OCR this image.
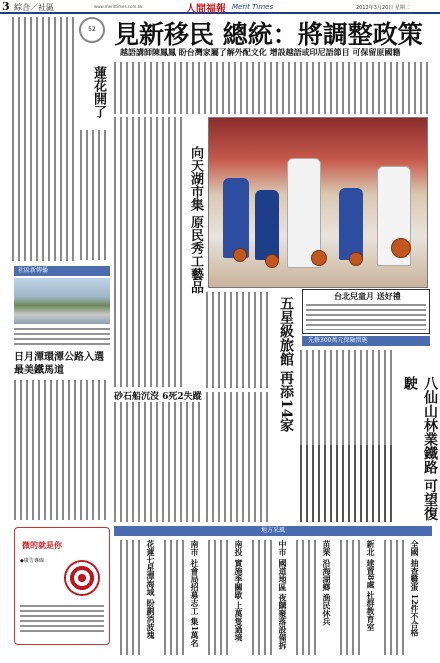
3 綜合／社區	www.merittimes.com.tw	人間福報 Merit Times	2012年3月20日 星期二
見新移民 總統：將調整政策
越語講師陳鳳鳳 盼台灣家屬了解外配文化 增設越語或印尼語節目 可保留原國籍
52
蓮花開了
社區新傳播
日月潭環潭公路入選最美鐵馬道
微的就是你
◆廣告專線
向天湖市集 原民秀工藝品
台北兒童月 送好禮
先修300萬元保險措施
砂石船沉沒 6死2失蹤	五星級旅館 再添14家
八仙山林業鐵路 可望復駛
地方采風
花蓮七星潭海域 盼劃消波塊	南市 社會局招募志工 集1萬名	南投 實施季關歇 上萬隻過境	中市 國道地區 夜購聚落設備拆	苗栗 沿海湖鄉 漁民休兵	新北 建置8處 社群教育室	全國 抽查雞蛋 12件不合格
